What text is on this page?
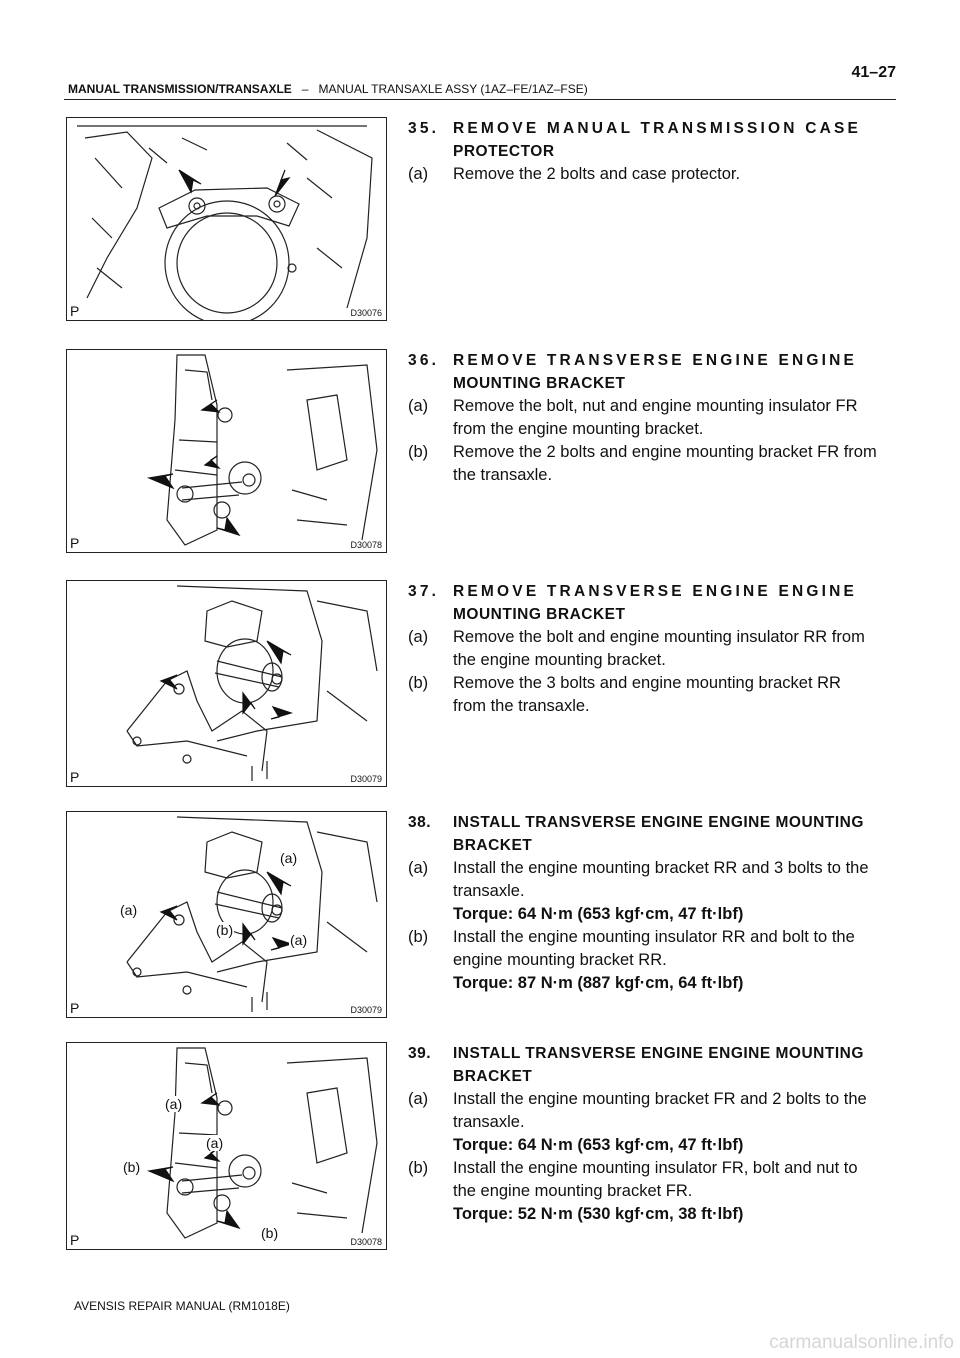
MANUAL TRANSMISSION/TRANSAXLE – MANUAL TRANSAXLE ASSY (1AZ–FE/1AZ–FSE)
41–27
P	D30076
P	D30078
P	D30079
(a)
(a)
(b)
(a)
P	D30079
(a)
(a)
(b)
(b)
P	D30078
35. REMOVE MANUAL TRANSMISSION CASE
PROTECTOR
(a) Remove the 2 bolts and case protector.
36. REMOVE TRANSVERSE ENGINE ENGINE
MOUNTING BRACKET
(a) Remove the bolt, nut and engine mounting insulator FR
from the engine mounting bracket.
(b) Remove the 2 bolts and engine mounting bracket FR from
the transaxle.
37. REMOVE TRANSVERSE ENGINE ENGINE
MOUNTING BRACKET
(a) Remove the bolt and engine mounting insulator RR from
the engine mounting bracket.
(b) Remove the 3 bolts and engine mounting bracket RR
from the transaxle.
38. INSTALL TRANSVERSE ENGINE ENGINE MOUNTING
BRACKET
(a) Install the engine mounting bracket RR and 3 bolts to the
transaxle.
Torque: 64 N·m (653 kgf·cm, 47 ft·lbf)
(b) Install the engine mounting insulator RR and bolt to the
engine mounting bracket RR.
Torque: 87 N·m (887 kgf·cm, 64 ft·lbf)
39. INSTALL TRANSVERSE ENGINE ENGINE MOUNTING
BRACKET
(a) Install the engine mounting bracket FR and 2 bolts to the
transaxle.
Torque: 64 N·m (653 kgf·cm, 47 ft·lbf)
(b) Install the engine mounting insulator FR, bolt and nut to
the engine mounting bracket FR.
Torque: 52 N·m (530 kgf·cm, 38 ft·lbf)
AVENSIS REPAIR MANUAL (RM1018E)
carmanualsonline.info
